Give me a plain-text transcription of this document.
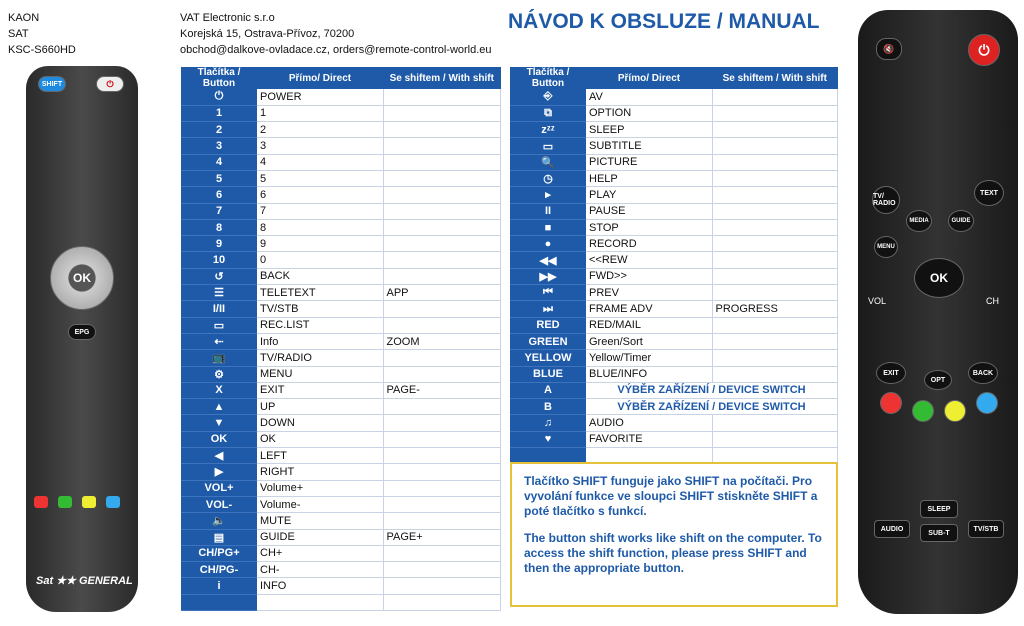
KAON
SAT
KSC-S660HD
VAT Electronic s.r.o
Korejská 15, Ostrava-Přívoz, 70200
obchod@dalkove-ovladace.cz, orders@remote-control-world.eu
NÁVOD K OBSLUZE / MANUAL
Tlačítka / Button	Přímo/ Direct	Se shiftem / With shift
⏻	POWER	
1	1	
2	2	
3	3	
4	4	
5	5	
6	6	
7	7	
8	8	
9	9	
10	0	
↺	BACK	
☰	TELETEXT	APP
I/II	TV/STB	
▭	REC.LIST	
⇠	Info	ZOOM
📺	TV/RADIO	
⚙	MENU	
X	EXIT	PAGE-
▲	UP	
▼	DOWN	
OK	OK	
◀	LEFT	
▶	RIGHT	
VOL+	Volume+	
VOL-	Volume-	
🔈	MUTE	
▤	GUIDE	PAGE+
CH/PG+	CH+	
CH/PG-	CH-	
i	INFO	

Tlačítka / Button	Přímo/ Direct	Se shiftem / With shift
⎆	AV	
⧉	OPTION	
zᶻᶻ	SLEEP	
▭	SUBTITLE	
🔍	PICTURE	
◷	HELP	
▸	PLAY	
II	PAUSE	
■	STOP	
●	RECORD	
◀◀	<<REW	
▶▶	FWD>>	
⏮	PREV	
⏭	FRAME ADV	PROGRESS
RED	RED/MAIL	
GREEN	Green/Sort	
YELLOW	Yellow/Timer	
BLUE	BLUE/INFO	
A	VÝBĚR ZAŘÍZENÍ / DEVICE SWITCH	
B	VÝBĚR ZAŘÍZENÍ / DEVICE SWITCH	
♫	AUDIO	
♥	FAVORITE	

Tlačítko SHIFT funguje jako SHIFT na počítači. Pro vyvolání funkce ve sloupci SHIFT stiskněte SHIFT a poté tlačítko s funkcí.

The button shift works like shift on the computer. To access the shift function, please press SHIFT and then the appropriate button.

SHIFT	⏻
OK
EPG
Sat ★★ GENERAL
⏻
🔇
TV/ RADIO
TEXT
MEDIA	GUIDE
MENU
OK
VOL	CH
EXIT
OPT
BACK
SLEEP
AUDIO
SUB-T
TV/STB
